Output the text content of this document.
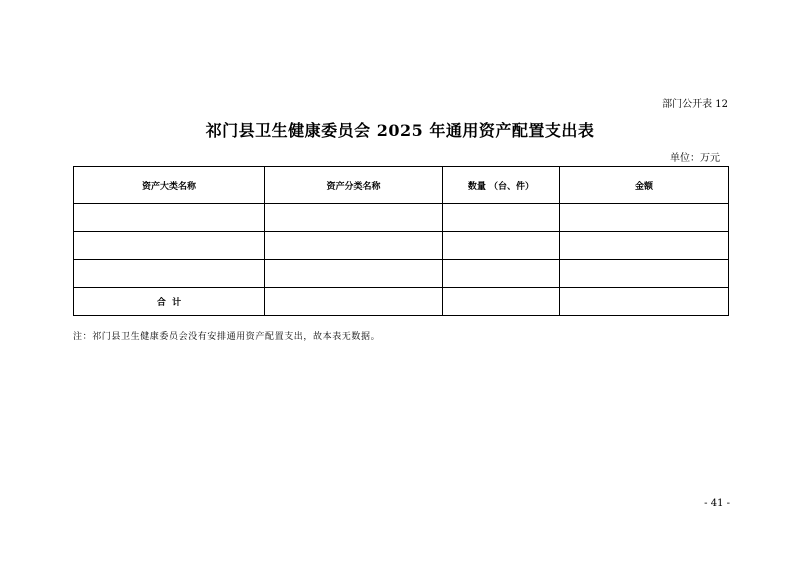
部门公开表 12
祁门县卫生健康委员会 2025 年通用资产配置支出表
单位：万元
资产大类名称	资产分类名称	数量 （台、件）	金额

合  计			
注：祁门县卫生健康委员会没有安排通用资产配置支出，故本表无数据。
- 41 -
